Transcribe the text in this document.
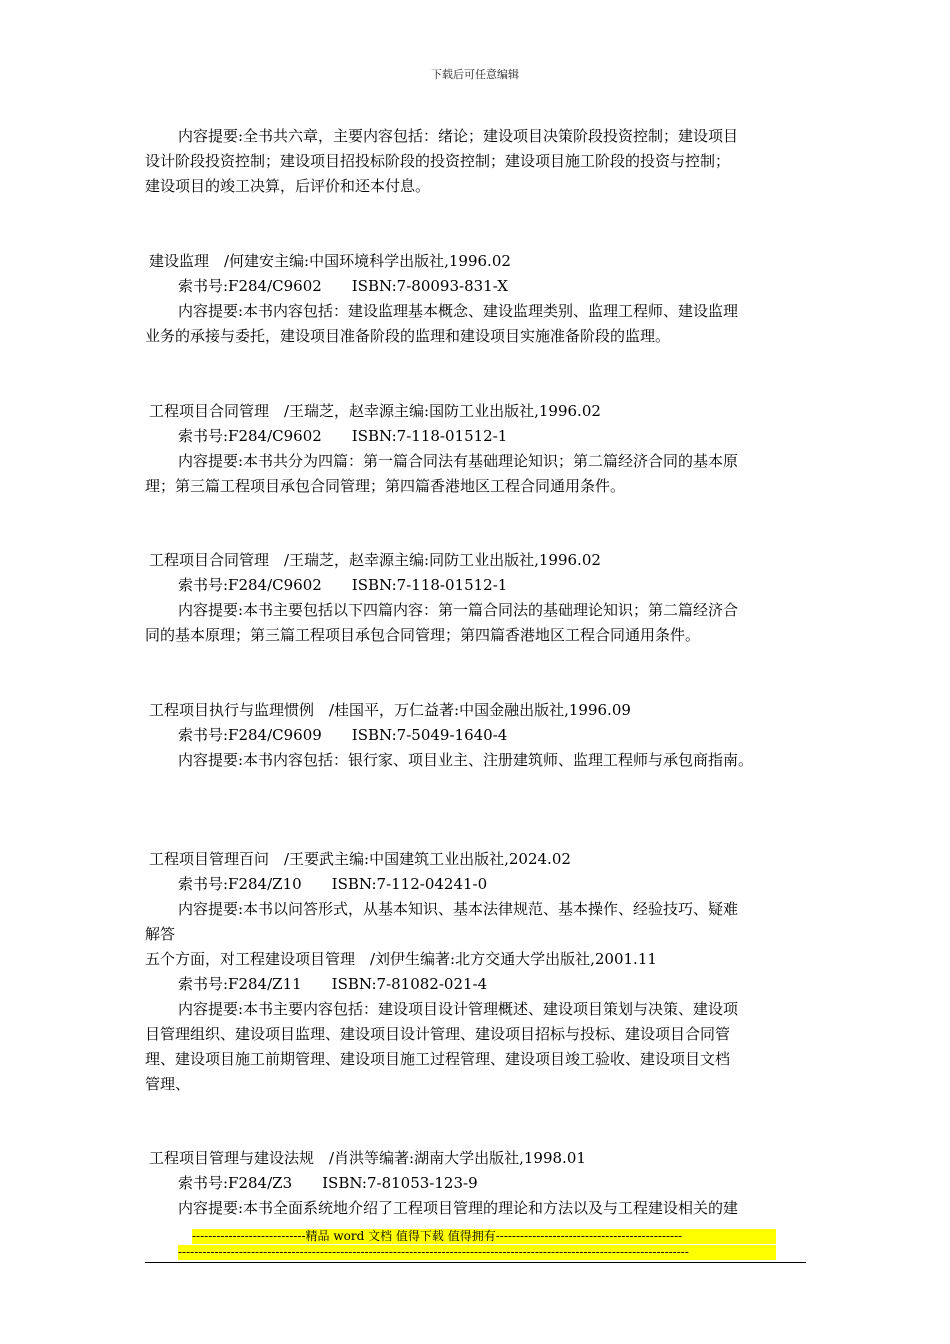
下载后可任意编辑
内容提要:全书共六章，主要内容包括：绪论；建设项目决策阶段投资控制；建设项目
设计阶段投资控制；建设项目招投标阶段的投资控制；建设项目施工阶段的投资与控制；
建设项目的竣工决算，后评价和还本付息。
建设监理　/何建安主编:中国环境科学出版社,1996.02
索书号:F284/C9602　　ISBN:7-80093-831-X
内容提要:本书内容包括：建设监理基本概念、建设监理类别、监理工程师、建设监理
业务的承接与委托，建设项目准备阶段的监理和建设项目实施准备阶段的监理。
工程项目合同管理　/王瑞芝，赵幸源主编:国防工业出版社,1996.02
索书号:F284/C9602　　ISBN:7-118-01512-1
内容提要:本书共分为四篇：第一篇合同法有基础理论知识；第二篇经济合同的基本原
理；第三篇工程项目承包合同管理；第四篇香港地区工程合同通用条件。
工程项目合同管理　/王瑞芝，赵幸源主编:同防工业出版社,1996.02
索书号:F284/C9602　　ISBN:7-118-01512-1
内容提要:本书主要包括以下四篇内容：第一篇合同法的基础理论知识；第二篇经济合
同的基本原理；第三篇工程项目承包合同管理；第四篇香港地区工程合同通用条件。
工程项目执行与监理惯例　/桂国平，万仁益著:中国金融出版社,1996.09
索书号:F284/C9609　　ISBN:7-5049-1640-4
内容提要:本书内容包括：银行家、项目业主、注册建筑师、监理工程师与承包商指南。
工程项目管理百问　/王要武主编:中国建筑工业出版社,2024.02
索书号:F284/Z10　　ISBN:7-112-04241-0
内容提要:本书以问答形式，从基本知识、基本法律规范、基本操作、经验技巧、疑难
解答
五个方面，对工程建设项目管理　/刘伊生编著:北方交通大学出版社,2001.11
索书号:F284/Z11　　ISBN:7-81082-021-4
内容提要:本书主要内容包括：建设项目设计管理概述、建设项目策划与决策、建设项
目管理组织、建设项目监理、建设项目设计管理、建设项目招标与投标、建设项目合同管
理、建设项目施工前期管理、建设项目施工过程管理、建设项目竣工验收、建设项目文档
管理、
工程项目管理与建设法规　/肖洪等编著:湖南大学出版社,1998.01
索书号:F284/Z3　　ISBN:7-81053-123-9
内容提要:本书全面系统地介绍了工程项目管理的理论和方法以及与工程建设相关的建
----------------------------精品 word 文档 值得下载 值得拥有----------------------------------------------
------------------------------------------------------------------------------------------------------------------------------
